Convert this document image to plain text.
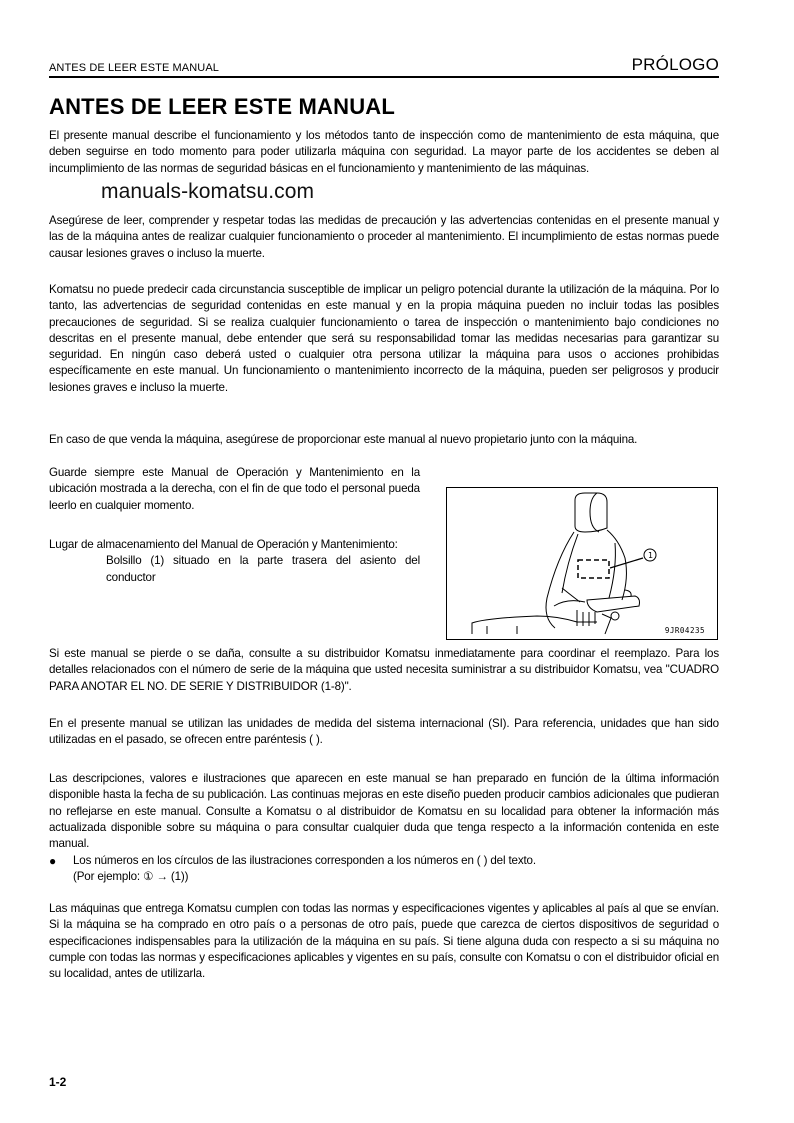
ANTES DE LEER ESTE MANUAL	PRÓLOGO
ANTES DE LEER ESTE MANUAL

El presente manual describe el funcionamiento y los métodos tanto de inspección como de mantenimiento de esta máquina, que deben seguirse en todo momento para poder utilizarla máquina con seguridad. La mayor parte de los accidentes se deben al incumplimiento de las normas de seguridad básicas en el funcionamiento y mantenimiento de las máquinas.

manuals-komatsu.com

Asegúrese de leer, comprender y respetar todas las medidas de precaución y las advertencias contenidas en el presente manual y las de la máquina antes de realizar cualquier funcionamiento o proceder al mantenimiento. El incumplimiento de estas normas puede causar lesiones graves o incluso la muerte.

Komatsu no puede predecir cada circunstancia susceptible de implicar un peligro potencial durante la utilización de la máquina. Por lo tanto, las advertencias de seguridad contenidas en este manual y en la propia máquina pueden no incluir todas las posibles precauciones de seguridad. Si se realiza cualquier funcionamiento o tarea de inspección o mantenimiento bajo condiciones no descritas en el presente manual, debe entender que será su responsabilidad tomar las medidas necesarias para garantizar su seguridad. En ningún caso deberá usted o cualquier otra persona utilizar la máquina para usos o acciones prohibidas específicamente en este manual. Un funcionamiento o mantenimiento incorrecto de la máquina, pueden ser peligrosos y producir lesiones graves e incluso la muerte.

En caso de que venda la máquina, asegúrese de proporcionar este manual al nuevo propietario junto con la máquina.

Guarde siempre este Manual de Operación y Mantenimiento en la ubicación mostrada a la derecha, con el fin de que todo el personal pueda leerlo en cualquier momento.

Lugar de almacenamiento del Manual de Operación y Mantenimiento:
Bolsillo (1) situado en la parte trasera del asiento del conductor
1
9JR04235

Si este manual se pierde o se daña, consulte a su distribuidor Komatsu inmediatamente para coordinar el reemplazo. Para los detalles relacionados con el número de serie de la máquina que usted necesita suministrar a su distribuidor Komatsu, vea "CUADRO PARA ANOTAR EL NO. DE SERIE Y DISTRIBUIDOR (1-8)".

En el presente manual se utilizan las unidades de medida del sistema internacional (SI). Para referencia, unidades que han sido utilizadas en el pasado, se ofrecen entre paréntesis ( ).

Las descripciones, valores e ilustraciones que aparecen en este manual se han preparado en función de la última información disponible hasta la fecha de su publicación. Las continuas mejoras en este diseño pueden producir cambios adicionales que pudieran no reflejarse en este manual. Consulte a Komatsu o al distribuidor de Komatsu en su localidad para obtener la información más actualizada disponible sobre su máquina o para consultar cualquier duda que tenga respecto a la información contenida en este manual.

●	Los números en los círculos de las ilustraciones corresponden a los números en ( ) del texto.
(Por ejemplo: ① → (1))

Las máquinas que entrega Komatsu cumplen con todas las normas y especificaciones vigentes y aplicables al país al que se envían. Si la máquina se ha comprado en otro país o a personas de otro país, puede que carezca de ciertos dispositivos de seguridad o especificaciones indispensables para la utilización de la máquina en su país. Si tiene alguna duda con respecto a si su máquina no cumple con todas las normas y especificaciones aplicables y vigentes en su país, consulte con Komatsu o con el distribuidor oficial en su localidad, antes de utilizarla.

1-2
